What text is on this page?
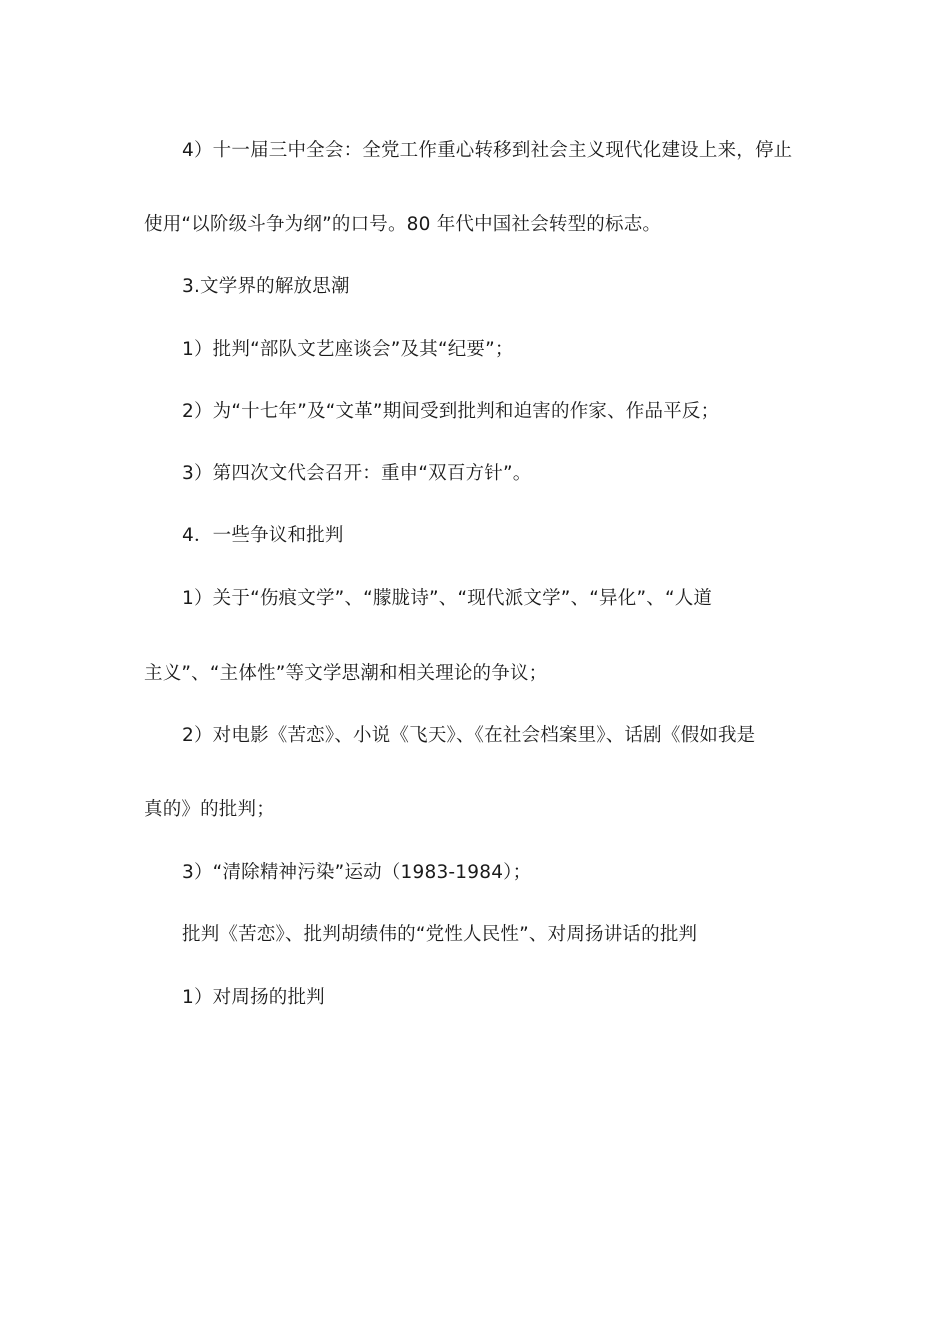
4）十一届三中全会：全党工作重心转移到社会主义现代化建设上来，停止
使用“以阶级斗争为纲”的口号。80 年代中国社会转型的标志。
3.文学界的解放思潮
1）批判“部队文艺座谈会”及其“纪要”；
2）为“十七年”及“文革”期间受到批判和迫害的作家、作品平反；
3）第四次文代会召开：重申“双百方针”。
4．一些争议和批判
1）关于“伤痕文学”、“朦胧诗”、“现代派文学”、“异化”、“人道
主义”、“主体性”等文学思潮和相关理论的争议；
2）对电影《苦恋》、小说《飞天》、《在社会档案里》、话剧《假如我是
真的》的批判；
3）“清除精神污染”运动（1983-1984）；
批判《苦恋》、批判胡绩伟的“党性人民性”、对周扬讲话的批判
1）对周扬的批判
